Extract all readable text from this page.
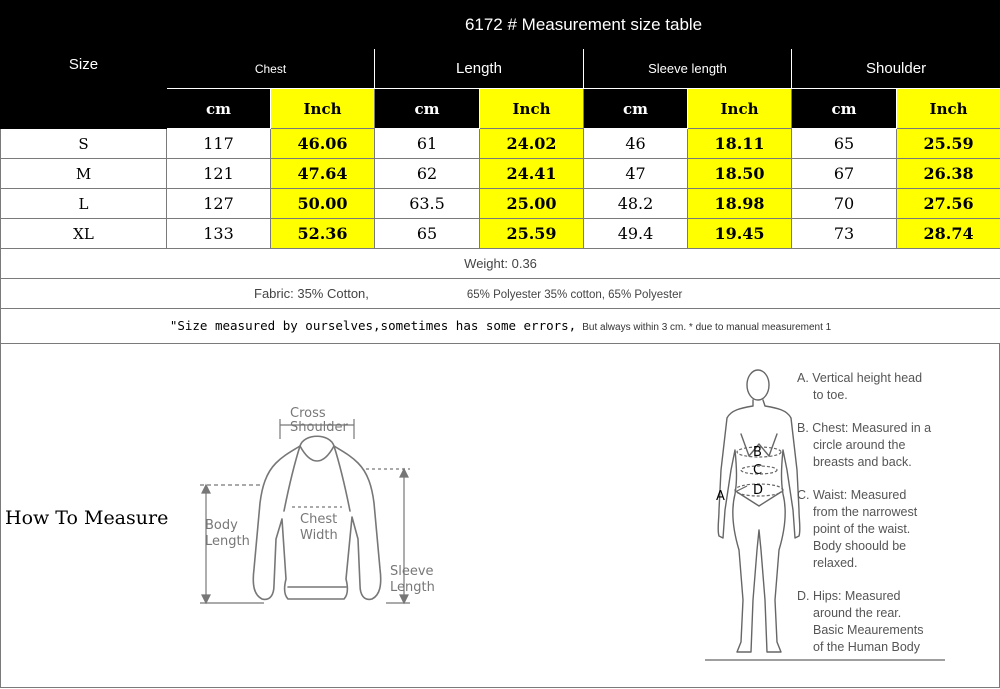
Size	6172 # Measurement size table							
	Chest		Length		Sleeve length		Shoulder	
	cm	Inch	cm	Inch	cm	Inch	cm	Inch
S	117	46.06	61	24.02	46	18.11	65	25.59
M	121	47.64	62	24.41	47	18.50	67	26.38
L	127	50.00	63.5	25.00	48.2	18.98	70	27.56
XL	133	52.36	65	25.59	49.4	19.45	73	28.74
Weight: 0.36								
Fabric: 35% Cotton, 65% Polyester 35% cotton, 65% Polyester								
"Size measured by ourselves,sometimes has some errors, But always within 3 cm. * due to manual measurement 1								
How To Measure
Cross
Shoulder
Body
Length
Chest
Width
Sleeve
Length
A
B
C
D
A. Vertical height head
to toe.
B. Chest: Measured in a
circle around the
breasts and back.
C. Waist: Measured
from the narrowest
point of the waist.
Body shoould be
relaxed.
D. Hips: Measured
around the rear.
Basic Meaurements
of the Human Body
